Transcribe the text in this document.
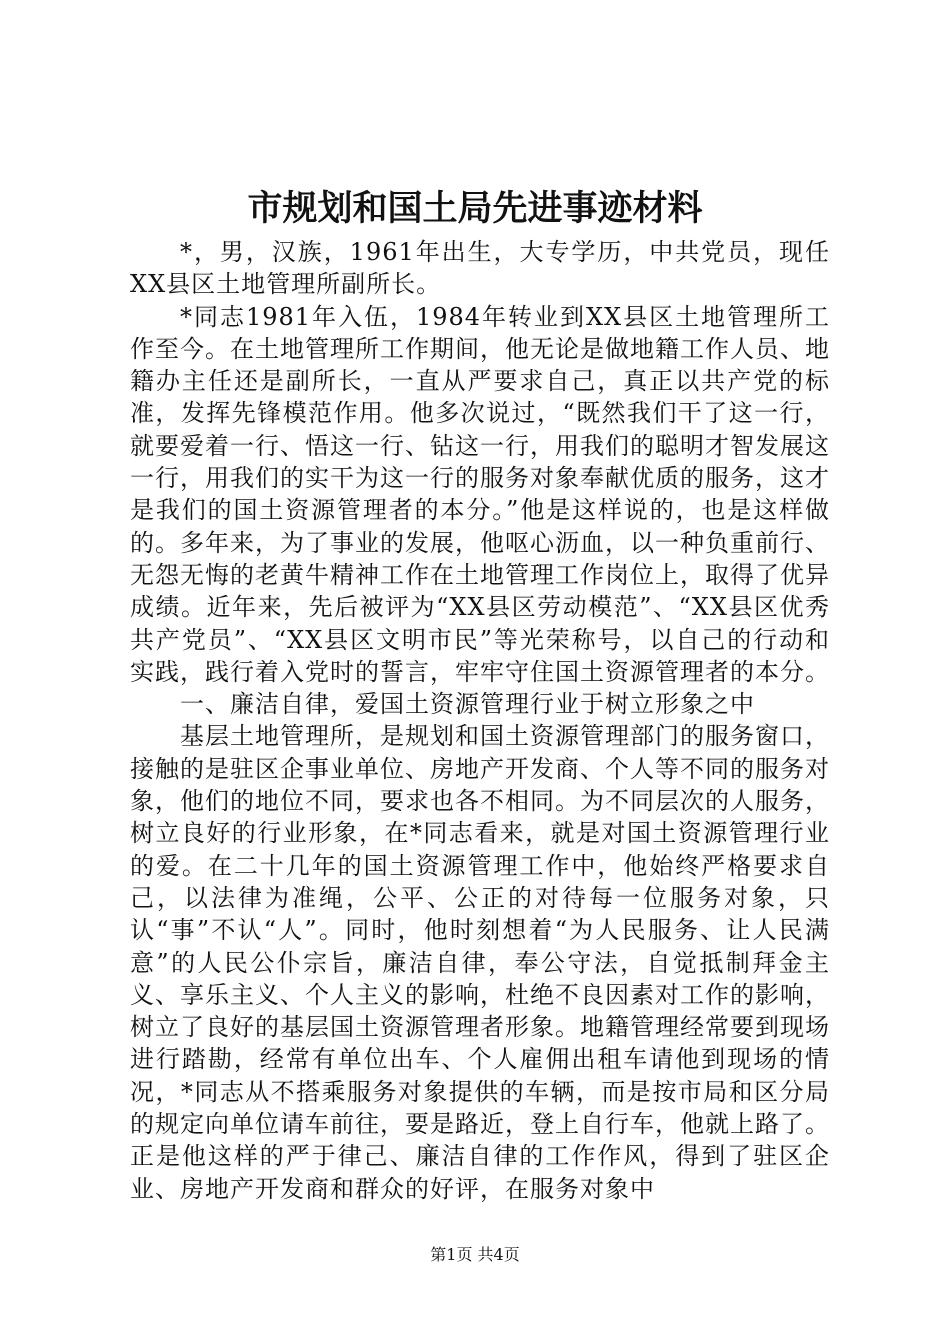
市规划和国土局先进事迹材料

*，男，汉族，1961年出生，大专学历，中共党员，现任XX县区土地管理所副所长。

*同志1981年入伍，1984年转业到XX县区土地管理所工作至今。在土地管理所工作期间，他无论是做地籍工作人员、地籍办主任还是副所长，一直从严要求自己，真正以共产党的标准，发挥先锋模范作用。他多次说过，“既然我们干了这一行，就要爱着一行、悟这一行、钻这一行，用我们的聪明才智发展这一行，用我们的实干为这一行的服务对象奉献优质的服务，这才是我们的国土资源管理者的本分。”他是这样说的，也是这样做的。多年来，为了事业的发展，他呕心沥血，以一种负重前行、无怨无悔的老黄牛精神工作在土地管理工作岗位上，取得了优异成绩。近年来，先后被评为“XX县区劳动模范”、“XX县区优秀共产党员”、“XX县区文明市民”等光荣称号，以自己的行动和实践，践行着入党时的誓言，牢牢守住国土资源管理者的本分。

一、廉洁自律，爱国土资源管理行业于树立形象之中

基层土地管理所，是规划和国土资源管理部门的服务窗口，接触的是驻区企事业单位、房地产开发商、个人等不同的服务对象，他们的地位不同，要求也各不相同。为不同层次的人服务，树立良好的行业形象，在*同志看来，就是对国土资源管理行业的爱。在二十几年的国土资源管理工作中，他始终严格要求自己，以法律为准绳，公平、公正的对待每一位服务对象，只认“事”不认“人”。同时，他时刻想着“为人民服务、让人民满意”的人民公仆宗旨，廉洁自律，奉公守法，自觉抵制拜金主义、享乐主义、个人主义的影响，杜绝不良因素对工作的影响，树立了良好的基层国土资源管理者形象。地籍管理经常要到现场进行踏勘，经常有单位出车、个人雇佣出租车请他到现场的情况，*同志从不搭乘服务对象提供的车辆，而是按市局和区分局的规定向单位请车前往，要是路近，登上自行车，他就上路了。正是他这样的严于律己、廉洁自律的工作作风，得到了驻区企业、房地产开发商和群众的好评，在服务对象中

第1页 共4页
